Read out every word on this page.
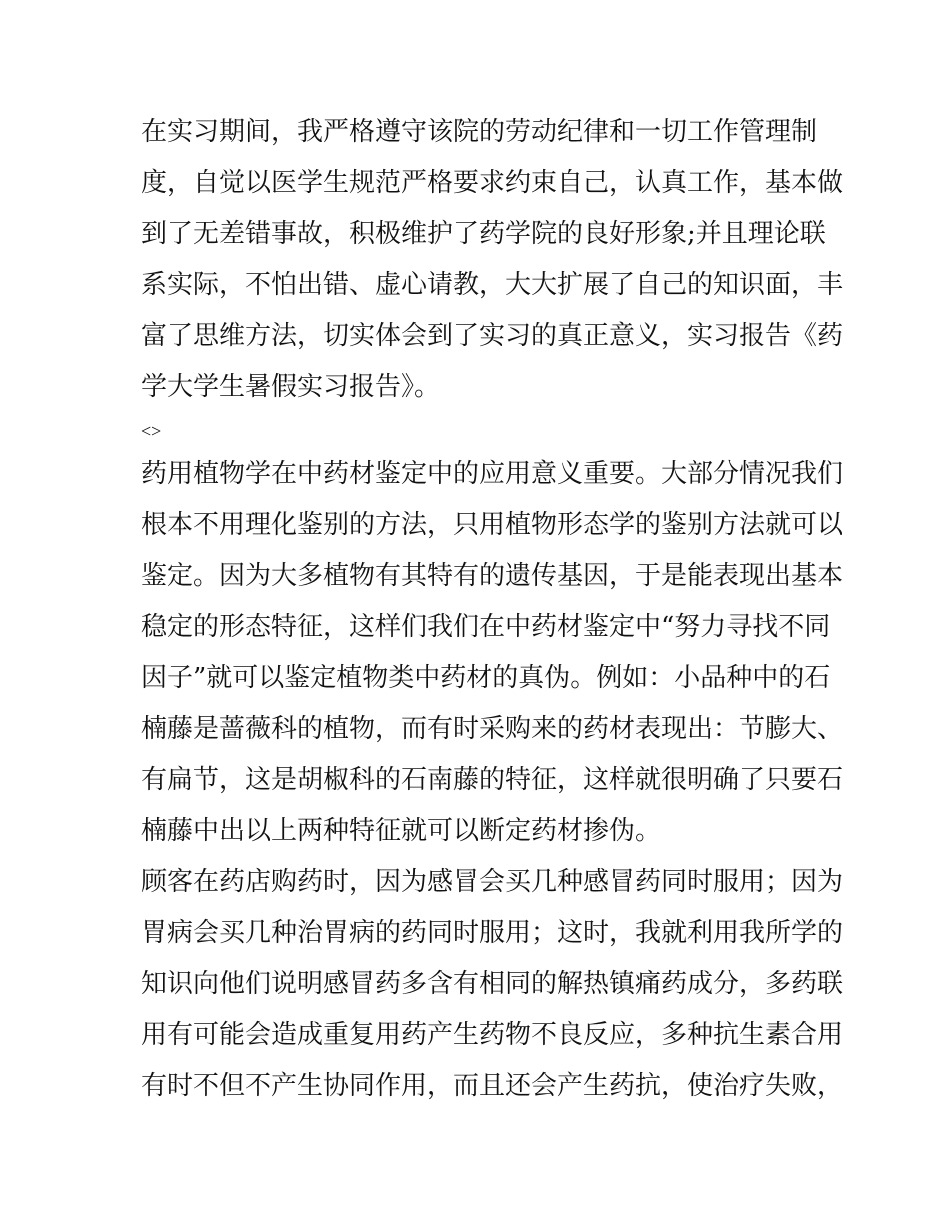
在实习期间，我严格遵守该院的劳动纪律和一切工作管理制
度，自觉以医学生规范严格要求约束自己，认真工作，基本做
到了无差错事故，积极维护了药学院的良好形象;并且理论联
系实际，不怕出错、虚心请教，大大扩展了自己的知识面，丰
富了思维方法，切实体会到了实习的真正意义，实习报告《药
学大学生暑假实习报告》。
<>
药用植物学在中药材鉴定中的应用意义重要。大部分情况我们
根本不用理化鉴别的方法，只用植物形态学的鉴别方法就可以
鉴定。因为大多植物有其特有的遗传基因，于是能表现出基本
稳定的形态特征，这样们我们在中药材鉴定中“努力寻找不同
因子”就可以鉴定植物类中药材的真伪。例如：小品种中的石
楠藤是蔷薇科的植物，而有时采购来的药材表现出：节膨大、
有扁节，这是胡椒科的石南藤的特征，这样就很明确了只要石
楠藤中出以上两种特征就可以断定药材掺伪。
顾客在药店购药时，因为感冒会买几种感冒药同时服用；因为
胃病会买几种治胃病的药同时服用；这时，我就利用我所学的
知识向他们说明感冒药多含有相同的解热镇痛药成分，多药联
用有可能会造成重复用药产生药物不良反应，多种抗生素合用
有时不但不产生协同作用，而且还会产生药抗，使治疗失败，
